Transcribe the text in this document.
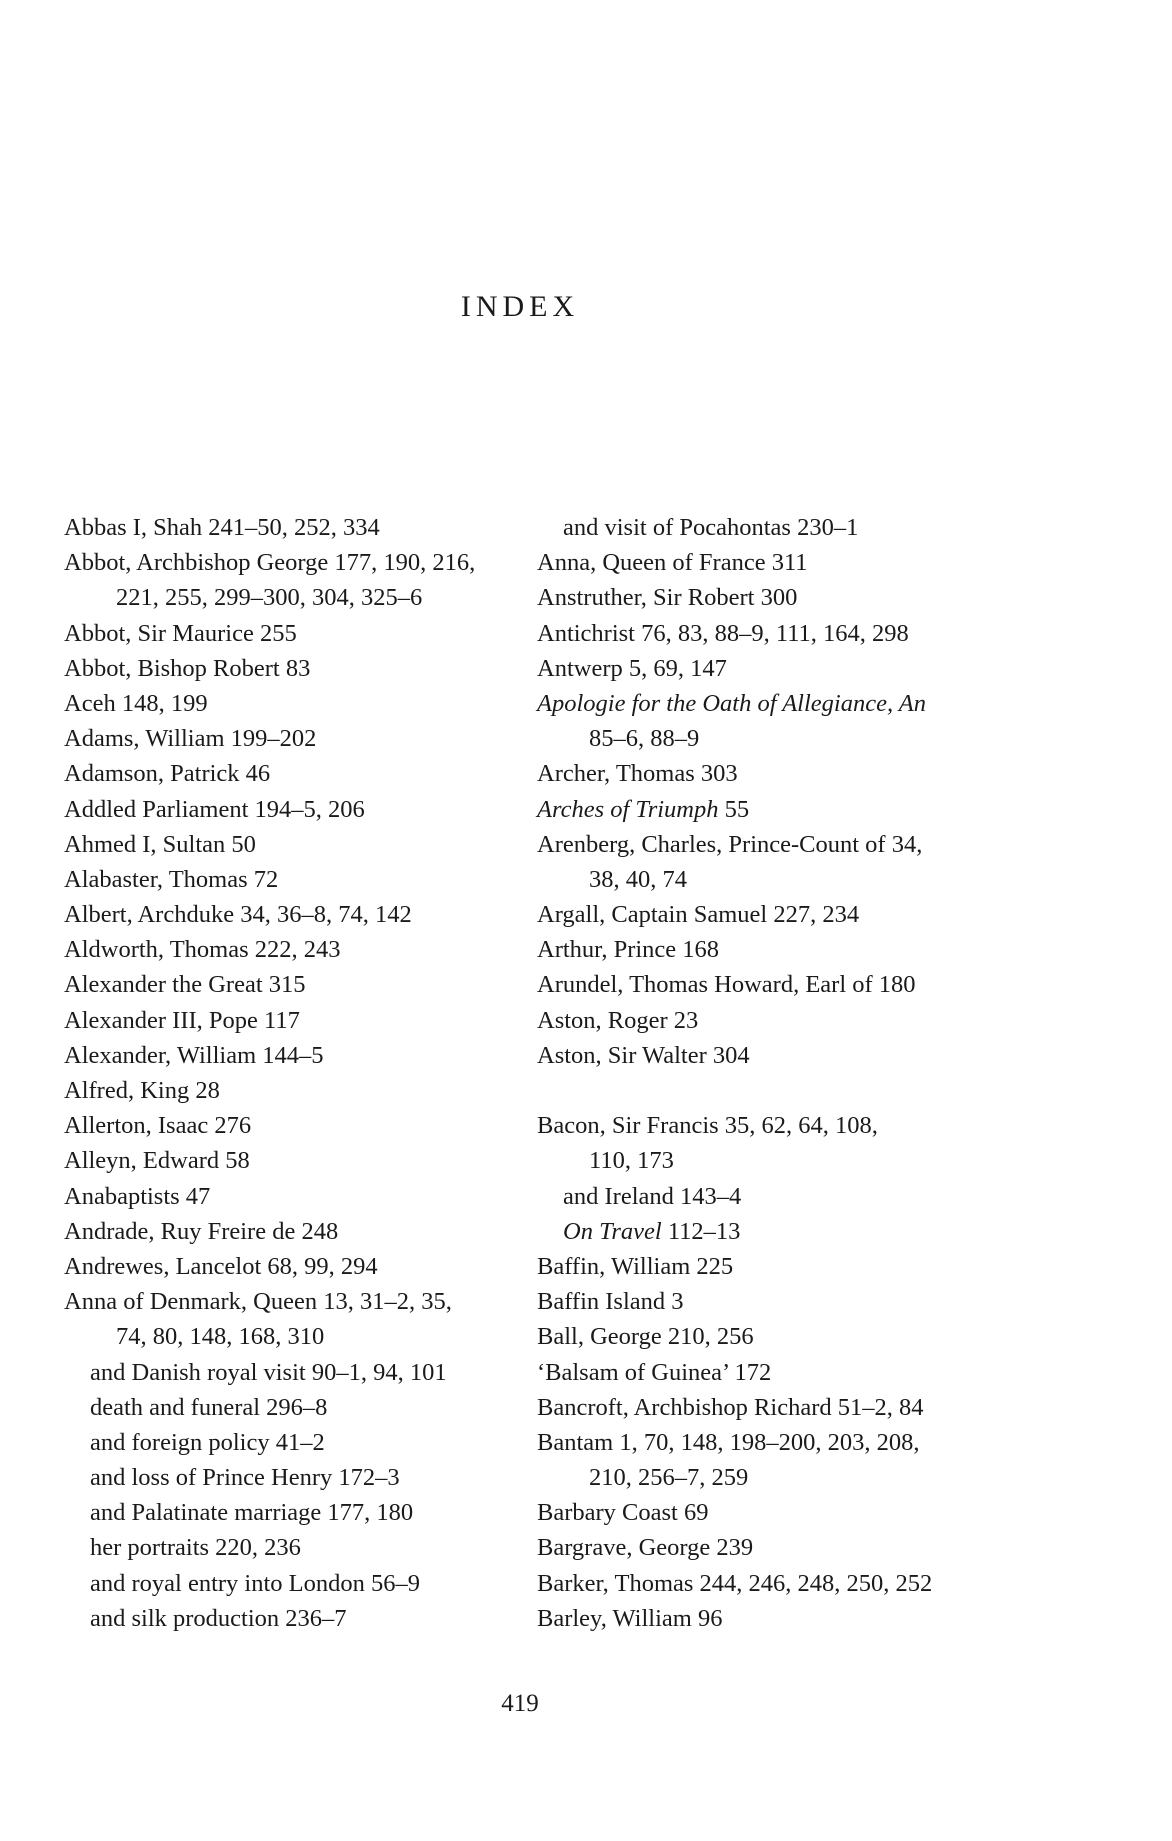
INDEX
Abbas I, Shah 241–50, 252, 334
Abbot, Archbishop George 177, 190, 216,
221, 255, 299–300, 304, 325–6
Abbot, Sir Maurice 255
Abbot, Bishop Robert 83
Aceh 148, 199
Adams, William 199–202
Adamson, Patrick 46
Addled Parliament 194–5, 206
Ahmed I, Sultan 50
Alabaster, Thomas 72
Albert, Archduke 34, 36–8, 74, 142
Aldworth, Thomas 222, 243
Alexander the Great 315
Alexander III, Pope 117
Alexander, William 144–5
Alfred, King 28
Allerton, Isaac 276
Alleyn, Edward 58
Anabaptists 47
Andrade, Ruy Freire de 248
Andrewes, Lancelot 68, 99, 294
Anna of Denmark, Queen 13, 31–2, 35,
74, 80, 148, 168, 310
and Danish royal visit 90–1, 94, 101
death and funeral 296–8
and foreign policy 41–2
and loss of Prince Henry 172–3
and Palatinate marriage 177, 180
her portraits 220, 236
and royal entry into London 56–9
and silk production 236–7
and visit of Pocahontas 230–1
Anna, Queen of France 311
Anstruther, Sir Robert 300
Antichrist 76, 83, 88–9, 111, 164, 298
Antwerp 5, 69, 147
Apologie for the Oath of Allegiance, An
85–6, 88–9
Archer, Thomas 303
Arches of Triumph 55
Arenberg, Charles, Prince-Count of 34,
38, 40, 74
Argall, Captain Samuel 227, 234
Arthur, Prince 168
Arundel, Thomas Howard, Earl of 180
Aston, Roger 23
Aston, Sir Walter 304
Bacon, Sir Francis 35, 62, 64, 108,
110, 173
and Ireland 143–4
On Travel 112–13
Baffin, William 225
Baffin Island 3
Ball, George 210, 256
‘Balsam of Guinea’ 172
Bancroft, Archbishop Richard 51–2, 84
Bantam 1, 70, 148, 198–200, 203, 208,
210, 256–7, 259
Barbary Coast 69
Bargrave, George 239
Barker, Thomas 244, 246, 248, 250, 252
Barley, William 96
419
